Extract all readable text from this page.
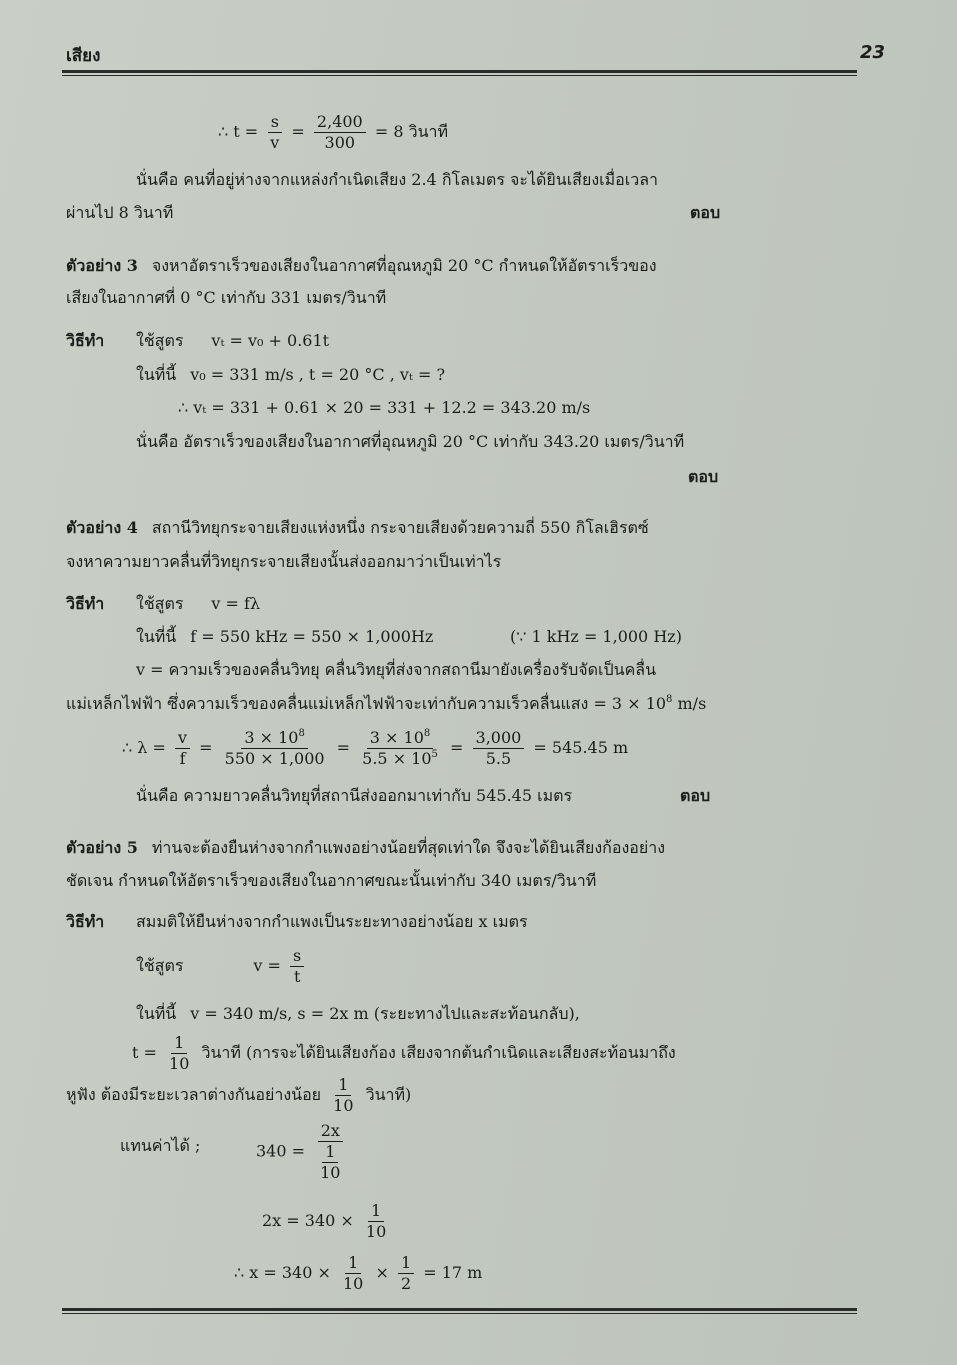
เสียง	23
∴ $t = \frac{s}{v} = \frac{2,400}{300} = 8$ วินาที
นั่นคือ คนที่อยู่ห่างจากแหล่งกำเนิดเสียง 2.4 กิโลเมตร จะได้ยินเสียงเมื่อเวลา
ผ่านไป 8 วินาที	ตอบ
ตัวอย่าง 3 จงหาอัตราเร็วของเสียงในอากาศที่อุณหภูมิ 20 °C กำหนดให้อัตราเร็วของ
เสียงในอากาศที่ 0 °C เท่ากับ 331 เมตร/วินาที
วิธีทำ ใช้สูตร vₜ = v₀ + 0.61t
ในที่นี้ v₀ = 331 m/s , t = 20 °C , vₜ = ?
∴ vₜ = 331 + 0.61 × 20 = 331 + 12.2 = 343.20 m/s
นั่นคือ อัตราเร็วของเสียงในอากาศที่อุณหภูมิ 20 °C เท่ากับ 343.20 เมตร/วินาที
ตอบ
ตัวอย่าง 4 สถานีวิทยุกระจายเสียงแห่งหนึ่ง กระจายเสียงด้วยความถี่ 550 กิโลเฮิรตซ์
จงหาความยาวคลื่นที่วิทยุกระจายเสียงนั้นส่งออกมาว่าเป็นเท่าไร
วิธีทำ ใช้สูตร v = fλ
ในที่นี้ f = 550 kHz = 550 × 1,000Hz	(∵ 1 kHz = 1,000 Hz)
v = ความเร็วของคลื่นวิทยุ คลื่นวิทยุที่ส่งจากสถานีมายังเครื่องรับจัดเป็นคลื่น
แม่เหล็กไฟฟ้า ซึ่งความเร็วของคลื่นแม่เหล็กไฟฟ้าจะเท่ากับความเร็วคลื่นแสง = $3 \times 10^8$ m/s
∴ $\lambda = \frac{v}{f} = \frac{3 \times 10^8}{550 \times 1,000} = \frac{3 \times 10^8}{5.5 \times 10^5} = \frac{3,000}{5.5} = 545.45$ m
นั่นคือ ความยาวคลื่นวิทยุที่สถานีส่งออกมาเท่ากับ 545.45 เมตร	ตอบ
ตัวอย่าง 5 ท่านจะต้องยืนห่างจากกำแพงอย่างน้อยที่สุดเท่าใด จึงจะได้ยินเสียงก้องอย่าง
ชัดเจน กำหนดให้อัตราเร็วของเสียงในอากาศขณะนั้นเท่ากับ 340 เมตร/วินาที
วิธีทำ สมมติให้ยืนห่างจากกำแพงเป็นระยะทางอย่างน้อย x เมตร
ใช้สูตร	$v = \frac{s}{t}$
ในที่นี้ v = 340 m/s, s = 2x m (ระยะทางไปและสะท้อนกลับ),
$t = \frac{1}{10}$ วินาที (การจะได้ยินเสียงก้อง เสียงจากต้นกำเนิดและเสียงสะท้อนมาถึง
หูฟัง ต้องมีระยะเวลาต่างกันอย่างน้อย $\frac{1}{10}$ วินาที)
แทนค่าได้ ;	$340 = \frac{2x}{\frac{1}{10}}$
$2x = 340 \times \frac{1}{10}$
∴ $x = 340 \times \frac{1}{10} \times \frac{1}{2} = 17$ m
